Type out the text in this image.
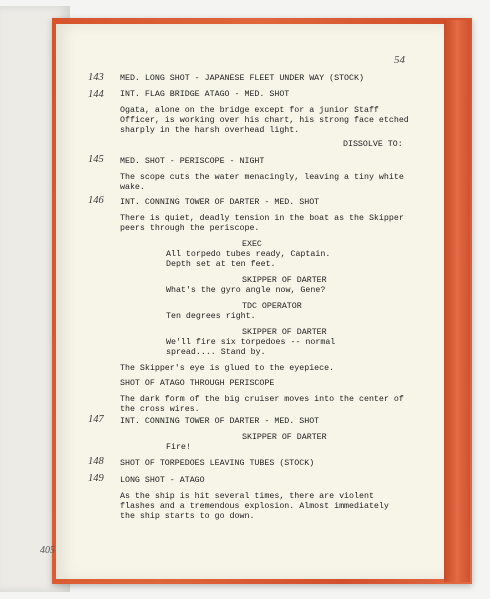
54
143
144
145
146
147
148
149
MED. LONG SHOT - JAPANESE FLEET UNDER WAY (STOCK)
INT. FLAG BRIDGE ATAGO - MED. SHOT
Ogata, alone on the bridge except for a junior Staff
Officer, is working over his chart, his strong face etched
sharply in the harsh overhead light.
DISSOLVE TO:
MED. SHOT - PERISCOPE - NIGHT
The scope cuts the water menacingly, leaving a tiny white
wake.
INT. CONNING TOWER OF DARTER - MED. SHOT
There is quiet, deadly tension in the boat as the Skipper
peers through the periscope.
EXEC
All torpedo tubes ready, Captain.
Depth set at ten feet.
SKIPPER OF DARTER
What's the gyro angle now, Gene?
TDC OPERATOR
Ten degrees right.
SKIPPER OF DARTER
We'll fire six torpedoes -- normal
spread.... Stand by.
The Skipper's eye is glued to the eyepiece.
SHOT OF ATAGO THROUGH PERISCOPE
The dark form of the big cruiser moves into the center of
the cross wires.
INT. CONNING TOWER OF DARTER - MED. SHOT
SKIPPER OF DARTER
Fire!
SHOT OF TORPEDOES LEAVING TUBES (STOCK)
LONG SHOT - ATAGO
As the ship is hit several times, there are violent
flashes and a tremendous explosion. Almost immediately
the ship starts to go down.
405
